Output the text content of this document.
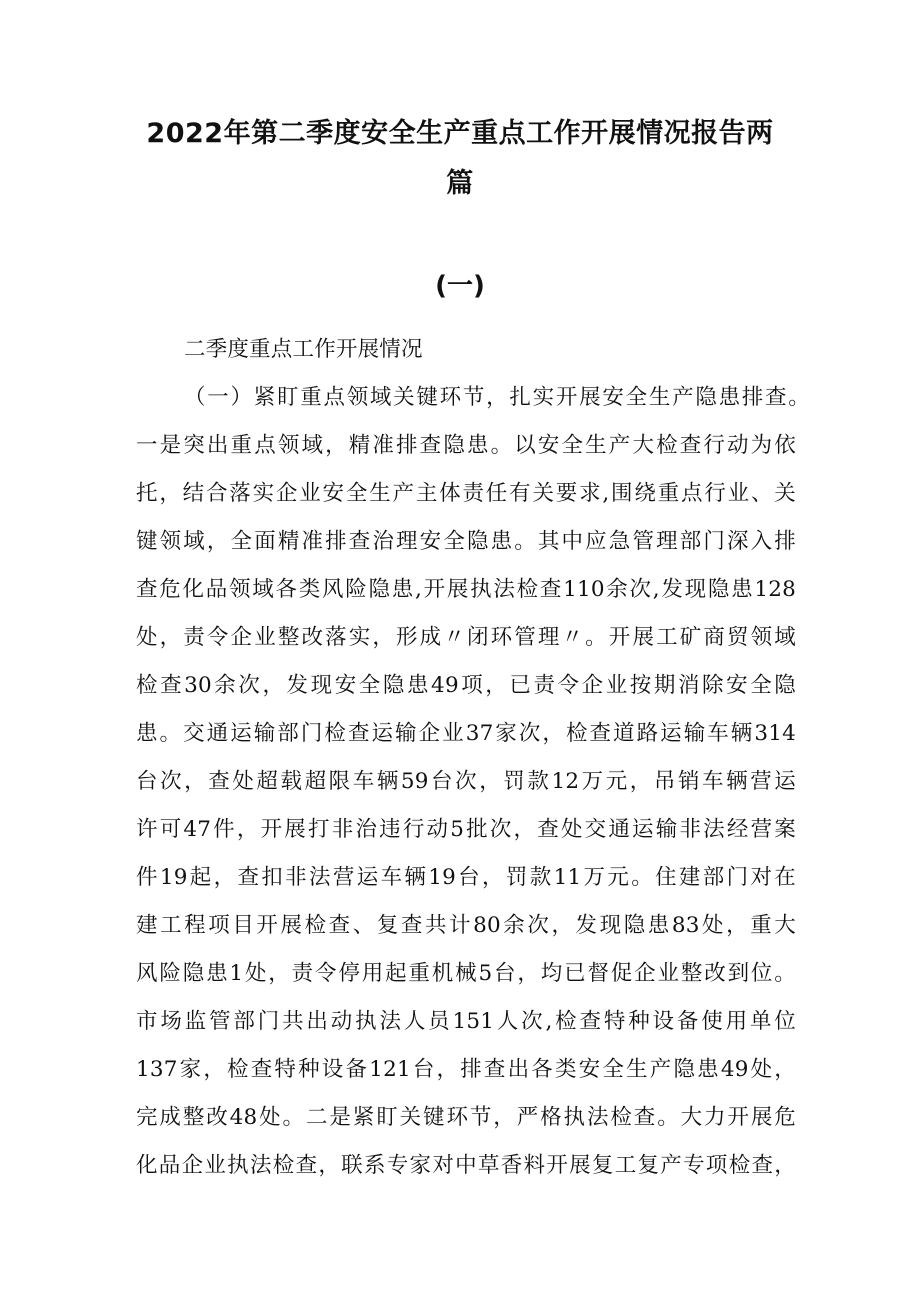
2022年第二季度安全生产重点工作开展情况报告两
篇
(一)
二季度重点工作开展情况
（一）紧盯重点领域关键环节，扎实开展安全生产隐患排查。
一是突出重点领域，精准排查隐患。以安全生产大检查行动为依
托，结合落实企业安全生产主体责任有关要求,围绕重点行业、关
键领域，全面精准排查治理安全隐患。其中应急管理部门深入排
查危化品领域各类风险隐患,开展执法检查110余次,发现隐患128
处，责令企业整改落实，形成〃闭环管理〃。开展工矿商贸领域
检查30余次，发现安全隐患49项，已责令企业按期消除安全隐
患。交通运输部门检查运输企业37家次，检查道路运输车辆314
台次，查处超载超限车辆59台次，罚款12万元，吊销车辆营运
许可47件，开展打非治违行动5批次，查处交通运输非法经营案
件19起，查扣非法营运车辆19台，罚款11万元。住建部门对在
建工程项目开展检查、复查共计80余次，发现隐患83处，重大
风险隐患1处，责令停用起重机械5台，均已督促企业整改到位。
市场监管部门共出动执法人员151人次,检查特种设备使用单位
137家，检查特种设备121台，排查出各类安全生产隐患49处，
完成整改48处。二是紧盯关键环节，严格执法检查。大力开展危
化品企业执法检查，联系专家对中草香料开展复工复产专项检查，
